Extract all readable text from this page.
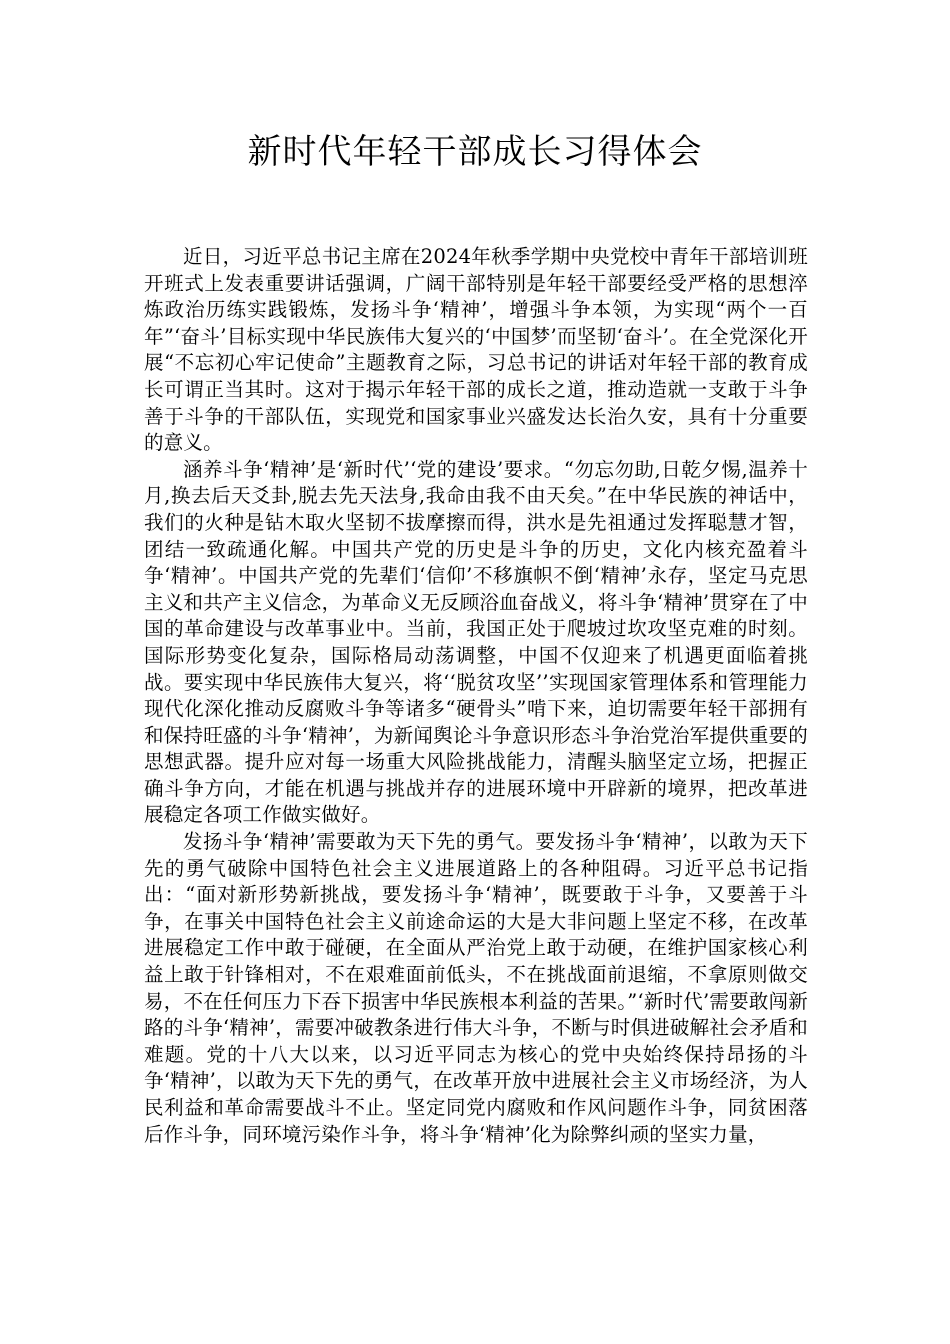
新时代年轻干部成长习得体会

近日，习近平总书记主席在2024年秋季学期中央党校中青年干部培训班开班式上发表重要讲话强调，广阔干部特别是年轻干部要经受严格的思想淬炼政治历练实践锻炼，发扬斗争‘精神’，增强斗争本领，为实现“两个一百年”‘奋斗’目标实现中华民族伟大复兴的‘中国梦’而坚韧‘奋斗’。在全党深化开展“不忘初心牢记使命”主题教育之际，习总书记的讲话对年轻干部的教育成长可谓正当其时。这对于揭示年轻干部的成长之道，推动造就一支敢于斗争善于斗争的干部队伍，实现党和国家事业兴盛发达长治久安，具有十分重要的意义。

涵养斗争‘精神’是‘新时代’‘党的建设’要求。“勿忘勿助,日乾夕惕,温养十月,换去后天爻卦,脱去先天法身,我命由我不由天矣。”在中华民族的神话中，我们的火种是钻木取火坚韧不拔摩擦而得，洪水是先祖通过发挥聪慧才智，团结一致疏通化解。中国共产党的历史是斗争的历史，文化内核充盈着斗争‘精神’。中国共产党的先辈们‘信仰’不移旗帜不倒‘精神’永存，坚定马克思主义和共产主义信念，为革命义无反顾浴血奋战义，将斗争‘精神’贯穿在了中国的革命建设与改革事业中。当前，我国正处于爬坡过坎攻坚克难的时刻。国际形势变化复杂，国际格局动荡调整，中国不仅迎来了机遇更面临着挑战。要实现中华民族伟大复兴，将‘‘脱贫攻坚’’实现国家管理体系和管理能力现代化深化推动反腐败斗争等诸多“硬骨头”啃下来，迫切需要年轻干部拥有和保持旺盛的斗争‘精神’，为新闻舆论斗争意识形态斗争治党治军提供重要的思想武器。提升应对每一场重大风险挑战能力，清醒头脑坚定立场，把握正确斗争方向，才能在机遇与挑战并存的进展环境中开辟新的境界，把改革进展稳定各项工作做实做好。

发扬斗争‘精神’需要敢为天下先的勇气。要发扬斗争‘精神’，以敢为天下先的勇气破除中国特色社会主义进展道路上的各种阻碍。习近平总书记指出：“面对新形势新挑战，要发扬斗争‘精神’，既要敢于斗争，又要善于斗争，在事关中国特色社会主义前途命运的大是大非问题上坚定不移，在改革进展稳定工作中敢于碰硬，在全面从严治党上敢于动硬，在维护国家核心利益上敢于针锋相对，不在艰难面前低头，不在挑战面前退缩，不拿原则做交易，不在任何压力下吞下损害中华民族根本利益的苦果。”‘新时代’需要敢闯新路的斗争‘精神’，需要冲破教条进行伟大斗争，不断与时俱进破解社会矛盾和难题。党的十八大以来，以习近平同志为核心的党中央始终保持昂扬的斗争‘精神’，以敢为天下先的勇气，在改革开放中进展社会主义市场经济，为人民利益和革命需要战斗不止。坚定同党内腐败和作风问题作斗争，同贫困落后作斗争，同环境污染作斗争，将斗争‘精神’化为除弊纠顽的坚实力量，
